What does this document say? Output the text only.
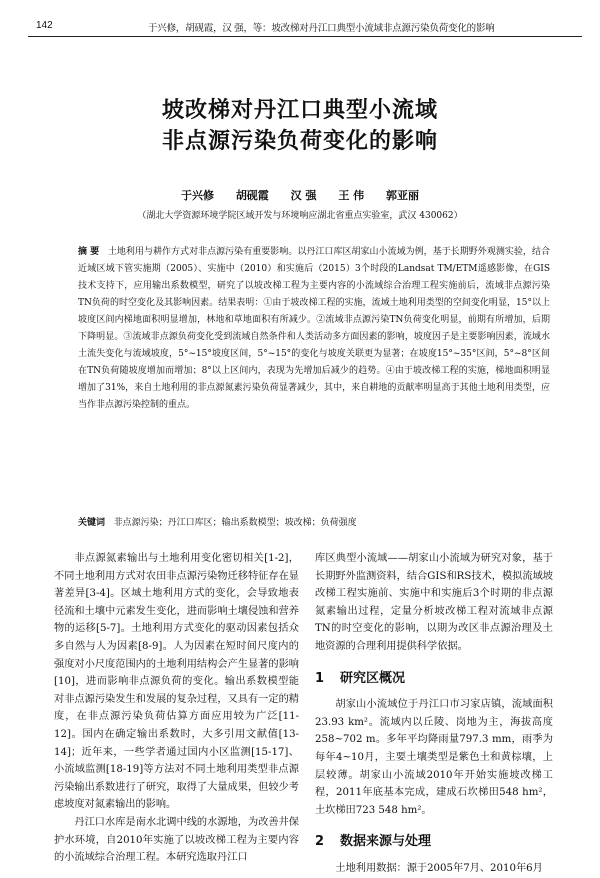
142	于兴修，胡砚霞，汉 强，等：坡改梯对丹江口典型小流域非点源污染负荷变化的影响
坡改梯对丹江口典型小流域
非点源污染负荷变化的影响
于兴修 胡砚霞 汉 强 王 伟 郭亚丽
（湖北大学资源环境学院区域开发与环境响应湖北省重点实验室，武汉 430062）
摘 要 土地利用与耕作方式对非点源污染有重要影响。以丹江口库区胡家山小流域为例，基于长期野外观测实验，结合近域区域下管实施期（2005）、实施中（2010）和实施后（2015）3个时段的Landsat TM/ETM遥感影像，在GIS技术支持下，应用输出系数模型，研究了以坡改梯工程为主要内容的小流域综合治理工程实施前后，流域非点源污染TN负荷的时空变化及其影响因素。结果表明：①由于坡改梯工程的实施，流域土地利用类型的空间变化明显，15°以上坡度区间内梯地面积明显增加，林地和草地面积有所减少。②流域非点源污染TN负荷变化明显，前期有所增加，后期下降明显。③流域非点源负荷变化受到流域自然条件和人类活动多方面因素的影响，坡度因子是主要影响因素，流域水土流失变化与流域坡度，5°~15°坡度区间，5°~15°的变化与坡度关联更为显著；在坡度15°~35°区间，5°~8°区间在TN负荷随坡度增加而增加；8°以上区间内，表现为先增加后减少的趋势。④由于坡改梯工程的实施，梯地面积明显增加了31%，来自土地利用的非点源氮素污染负荷显著减少，其中，来自耕地的贡献率明显高于其他土地利用类型，应当作非点源污染控制的重点。
关键词 非点源污染；丹江口库区；输出系数模型；坡改梯；负荷强度

非点源氮素输出与土地利用变化密切相关[1-2]，不同土地利用方式对农田非点源污染物迁移特征存在显著差异[3-4]。区域土地利用方式的变化，会导致地表径流和土壤中元素发生变化，进而影响土壤侵蚀和营养物的运移[5-7]。土地利用方式变化的驱动因素包括众多自然与人为因素[8-9]。人为因素在短时间尺度内的强度对小尺度范围内的土地利用结构会产生显著的影响[10]，进而影响非点源负荷的变化。输出系数模型能对非点源污染发生和发展的复杂过程，又具有一定的精度，在非点源污染负荷估算方面应用较为广泛[11-12]。国内在确定输出系数时，大多引用文献值[13-14]；近年来，一些学者通过国内小区监测[15-17]、小流域监测[18-19]等方法对不同土地利用类型非点源污染输出系数进行了研究，取得了大量成果，但较少考虑坡度对氮素输出的影响。

丹江口水库是南水北调中线的水源地，为改善井保护水环境，自2010年实施了以坡改梯工程为主要内容的小流域综合治理工程。本研究选取丹江口

库区典型小流域——胡家山小流域为研究对象，基于长期野外监测资料，结合GIS和RS技术，模拟流域坡改梯工程实施前、实施中和实施后3个时期的非点源氮素输出过程，定量分析坡改梯工程对流域非点源TN的时空变化的影响，以期为改区非点源治理及土地资源的合理利用提供科学依据。
1 研究区概况
胡家山小流域位于丹江口市习家店镇，流域面积23.93 km²。流域内以丘陵、岗地为主，海拔高度258~702 m。多年平均降雨量797.3 mm，雨季为每年4~10月，主要土壤类型是紫色土和黄棕壤，上层较薄。胡家山小流域2010年开始实施坡改梯工程，2011年底基本完成，建成石坎梯田548 hm²，土坎梯田723 548 hm²。
2 数据来源与处理
土地利用数据：源于2005年7月、2010年6月
